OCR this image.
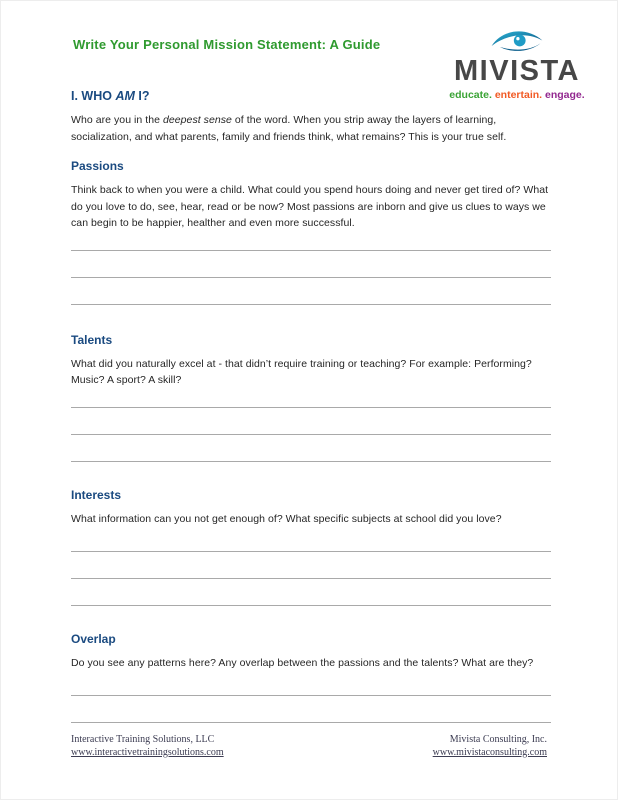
Write Your Personal Mission Statement: A Guide
MIVISTA
educate. entertain. engage.
I. WHO AM I?

Who are you in the deepest sense of the word. When you strip away the layers of learning, socialization, and what parents, family and friends think, what remains? This is your true self.

Passions

Think back to when you were a child. What could you spend hours doing and never get tired of? What do you love to do, see, hear, read or be now? Most passions are inborn and give us clues to ways we can begin to be happier, healther and even more successful.

Talents

What did you naturally excel at - that didn’t require training or teaching? For example: Performing? Music? A sport? A skill?

Interests

What information can you not get enough of? What specific subjects at school did you love?

Overlap

Do you see any patterns here? Any overlap between the passions and the talents? What are they?

Interactive Training Solutions, LLC
www.interactivetrainingsolutions.com
Mivista Consulting, Inc.
www.mivistaconsulting.com
